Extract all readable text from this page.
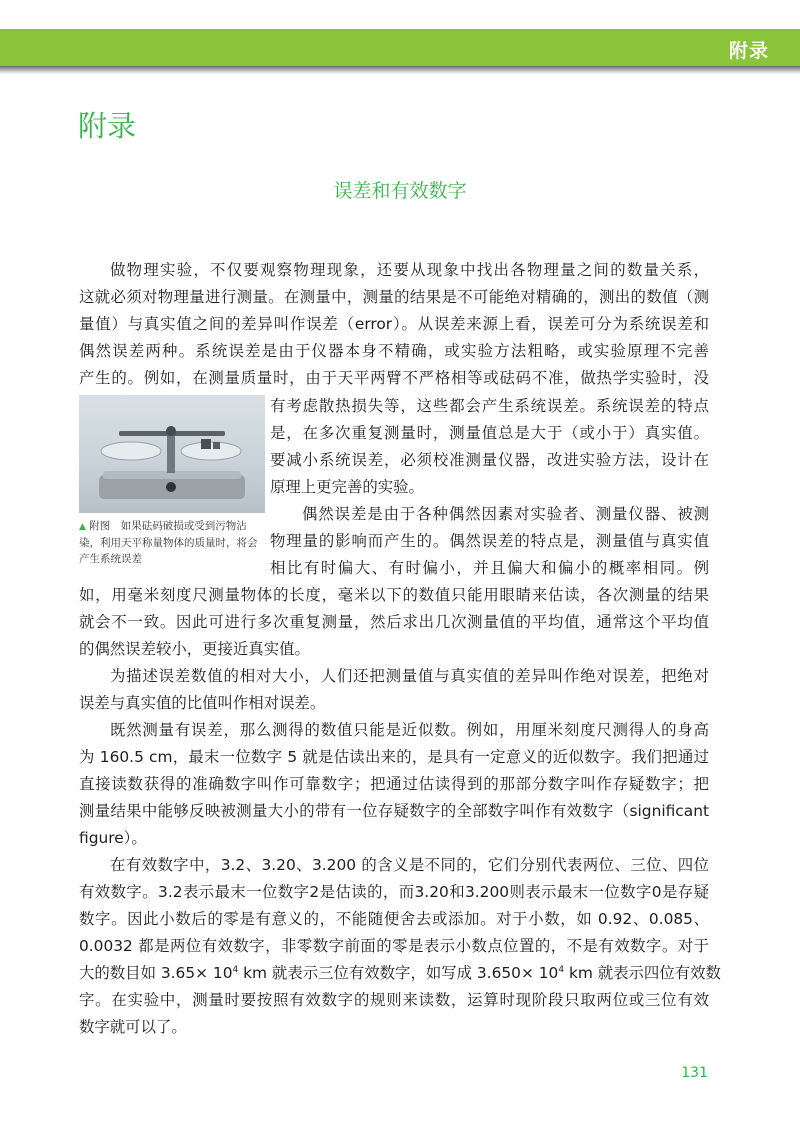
附录
附录
误差和有效数字
做物理实验，不仅要观察物理现象，还要从现象中找出各物理量之间的数量关系，
这就必须对物理量进行测量。在测量中，测量的结果是不可能绝对精确的，测出的数值（测
量值）与真实值之间的差异叫作误差（error）。从误差来源上看，误差可分为系统误差和
偶然误差两种。系统误差是由于仪器本身不精确，或实验方法粗略，或实验原理不完善
产生的。例如，在测量质量时，由于天平两臂不严格相等或砝码不准，做热学实验时，没
有考虑散热损失等，这些都会产生系统误差。系统误差的特点
是，在多次重复测量时，测量值总是大于（或小于）真实值。
要减小系统误差，必须校准测量仪器，改进实验方法，设计在
原理上更完善的实验。
偶然误差是由于各种偶然因素对实验者、测量仪器、被测
物理量的影响而产生的。偶然误差的特点是，测量值与真实值
相比有时偏大、有时偏小，并且偏大和偏小的概率相同。例
如，用毫米刻度尺测量物体的长度，毫米以下的数值只能用眼睛来估读，各次测量的结果
就会不一致。因此可进行多次重复测量，然后求出几次测量值的平均值，通常这个平均值
的偶然误差较小，更接近真实值。
为描述误差数值的相对大小，人们还把测量值与真实值的差异叫作绝对误差，把绝对
误差与真实值的比值叫作相对误差。
既然测量有误差，那么测得的数值只能是近似数。例如，用厘米刻度尺测得人的身高
为 160.5 cm，最末一位数字 5 就是估读出来的，是具有一定意义的近似数字。我们把通过
直接读数获得的准确数字叫作可靠数字；把通过估读得到的那部分数字叫作存疑数字；把
测量结果中能够反映被测量大小的带有一位存疑数字的全部数字叫作有效数字（significant
figure）。
在有效数字中，3.2、3.20、3.200 的含义是不同的，它们分别代表两位、三位、四位
有效数字。3.2表示最末一位数字2是估读的，而3.20和3.200则表示最末一位数字0是存疑
数字。因此小数后的零是有意义的，不能随便舍去或添加。对于小数，如 0.92、0.085、
0.0032 都是两位有效数字，非零数字前面的零是表示小数点位置的，不是有效数字。对于
大的数目如 $3.65\times 10^4$ km 就表示三位有效数字，如写成 $3.650\times 10^4$ km 就表示四位有效数
字。在实验中，测量时要按照有效数字的规则来读数，运算时现阶段只取两位或三位有效
数字就可以了。
▲ 附图　如果砝码破损或受到污物沾染，利用天平称量物体的质量时，将会产生系统误差
131
